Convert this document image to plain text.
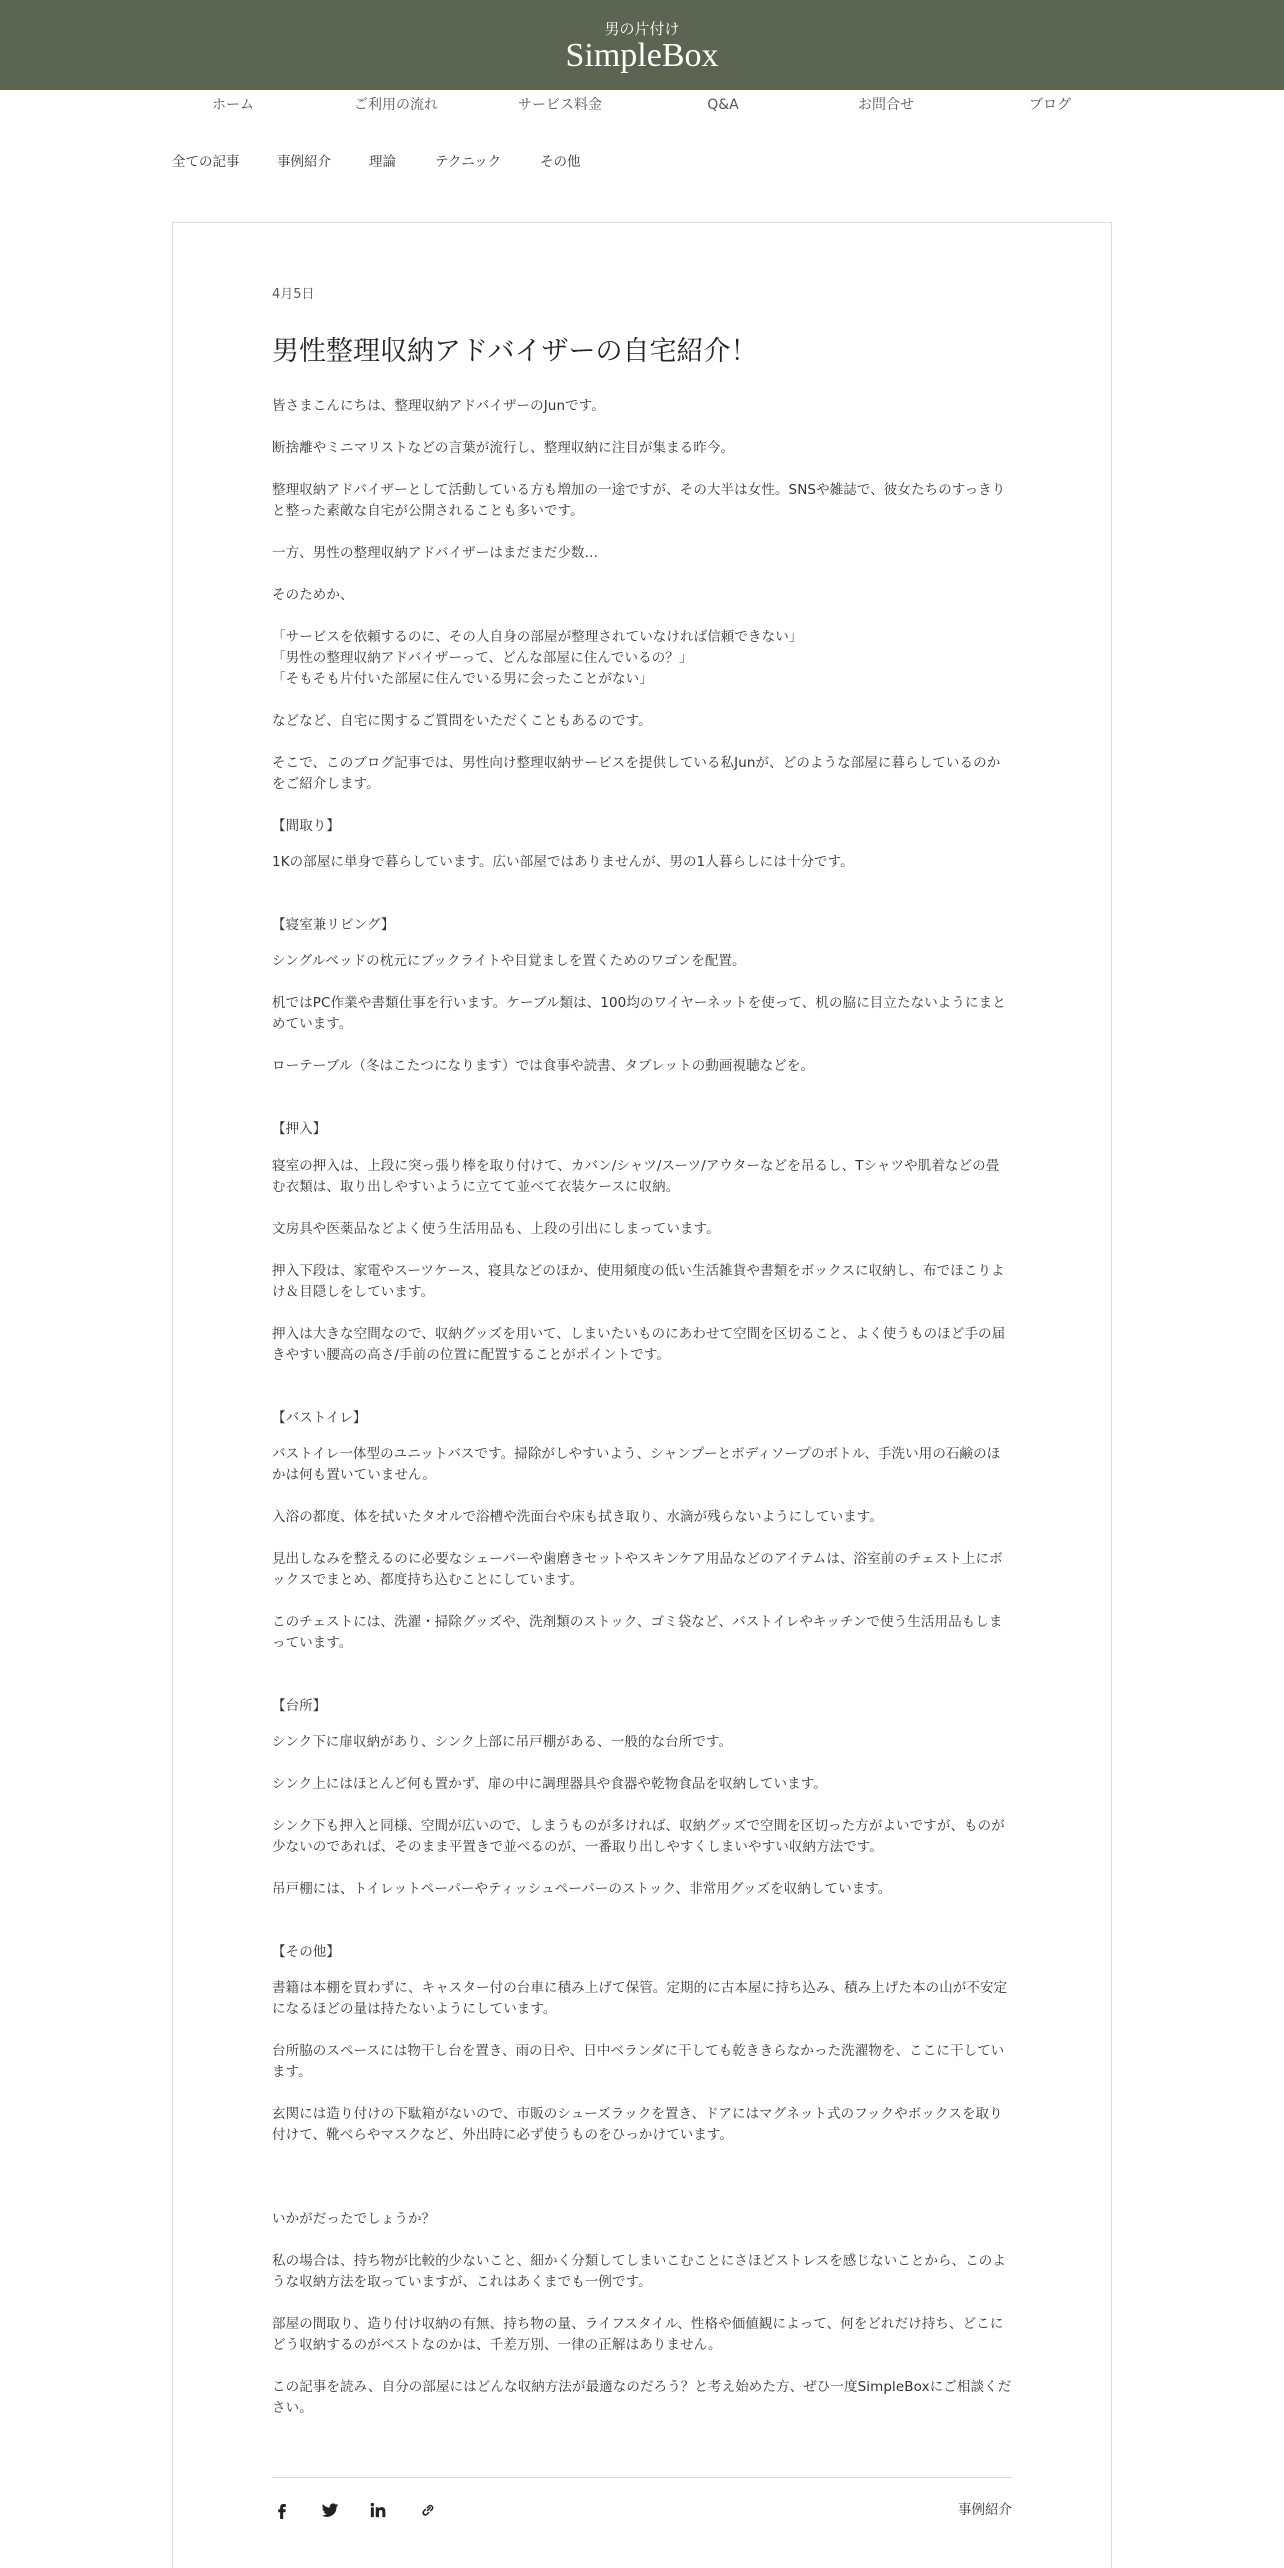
男の片付け
SimpleBox
ホーム	ご利用の流れ	サービス料金	Q&A	お問合せ	ブログ
全ての記事	事例紹介	理論	テクニック	その他
4月5日
男性整理収納アドバイザーの自宅紹介！
皆さまこんにちは、整理収納アドバイザーのJunです。
断捨離やミニマリストなどの言葉が流行し、整理収納に注目が集まる昨今。
整理収納アドバイザーとして活動している方も増加の一途ですが、その大半は女性。SNSや雑誌で、彼女たちのすっきりと整った素敵な自宅が公開されることも多いです。
一方、男性の整理収納アドバイザーはまだまだ少数…
そのためか、
「サービスを依頼するのに、その人自身の部屋が整理されていなければ信頼できない」
「男性の整理収納アドバイザーって、どんな部屋に住んでいるの？」
「そもそも片付いた部屋に住んでいる男に会ったことがない」
などなど、自宅に関するご質問をいただくこともあるのです。
そこで、このブログ記事では、男性向け整理収納サービスを提供している私Junが、どのような部屋に暮らしているのかをご紹介します。
【間取り】
1Kの部屋に単身で暮らしています。広い部屋ではありませんが、男の1人暮らしには十分です。
【寝室兼リビング】
シングルベッドの枕元にブックライトや目覚ましを置くためのワゴンを配置。
机ではPC作業や書類仕事を行います。ケーブル類は、100均のワイヤーネットを使って、机の脇に目立たないようにまとめています。
ローテーブル（冬はこたつになります）では食事や読書、タブレットの動画視聴などを。
【押入】
寝室の押入は、上段に突っ張り棒を取り付けて、カバン/シャツ/スーツ/アウターなどを吊るし、Tシャツや肌着などの畳む衣類は、取り出しやすいように立てて並べて衣装ケースに収納。
文房具や医薬品などよく使う生活用品も、上段の引出にしまっています。
押入下段は、家電やスーツケース、寝具などのほか、使用頻度の低い生活雑貨や書類をボックスに収納し、布でほこりよけ＆目隠しをしています。
押入は大きな空間なので、収納グッズを用いて、しまいたいものにあわせて空間を区切ること、よく使うものほど手の届きやすい腰高の高さ/手前の位置に配置することがポイントです。
【バストイレ】
バストイレ一体型のユニットバスです。掃除がしやすいよう、シャンプーとボディソープのボトル、手洗い用の石鹸のほかは何も置いていません。
入浴の都度、体を拭いたタオルで浴槽や洗面台や床も拭き取り、水滴が残らないようにしています。
見出しなみを整えるのに必要なシェーバーや歯磨きセットやスキンケア用品などのアイテムは、浴室前のチェスト上にボックスでまとめ、都度持ち込むことにしています。
このチェストには、洗濯・掃除グッズや、洗剤類のストック、ゴミ袋など、バストイレやキッチンで使う生活用品もしまっています。
【台所】
シンク下に扉収納があり、シンク上部に吊戸棚がある、一般的な台所です。
シンク上にはほとんど何も置かず、扉の中に調理器具や食器や乾物食品を収納しています。
シンク下も押入と同様、空間が広いので、しまうものが多ければ、収納グッズで空間を区切った方がよいですが、ものが少ないのであれば、そのまま平置きで並べるのが、一番取り出しやすくしまいやすい収納方法です。
吊戸棚には、トイレットペーパーやティッシュペーパーのストック、非常用グッズを収納しています。
【その他】
書籍は本棚を買わずに、キャスター付の台車に積み上げて保管。定期的に古本屋に持ち込み、積み上げた本の山が不安定になるほどの量は持たないようにしています。
台所脇のスペースには物干し台を置き、雨の日や、日中ベランダに干しても乾ききらなかった洗濯物を、ここに干しています。
玄関には造り付けの下駄箱がないので、市販のシューズラックを置き、ドアにはマグネット式のフックやボックスを取り付けて、靴べらやマスクなど、外出時に必ず使うものをひっかけています。
いかがだったでしょうか？
私の場合は、持ち物が比較的少ないこと、細かく分類してしまいこむことにさほどストレスを感じないことから、このような収納方法を取っていますが、これはあくまでも一例です。
部屋の間取り、造り付け収納の有無、持ち物の量、ライフスタイル、性格や価値観によって、何をどれだけ持ち、どこにどう収納するのがベストなのかは、千差万別、一律の正解はありません。
この記事を読み、自分の部屋にはどんな収納方法が最適なのだろう？と考え始めた方、ぜひ一度SimpleBoxにご相談ください。
事例紹介
